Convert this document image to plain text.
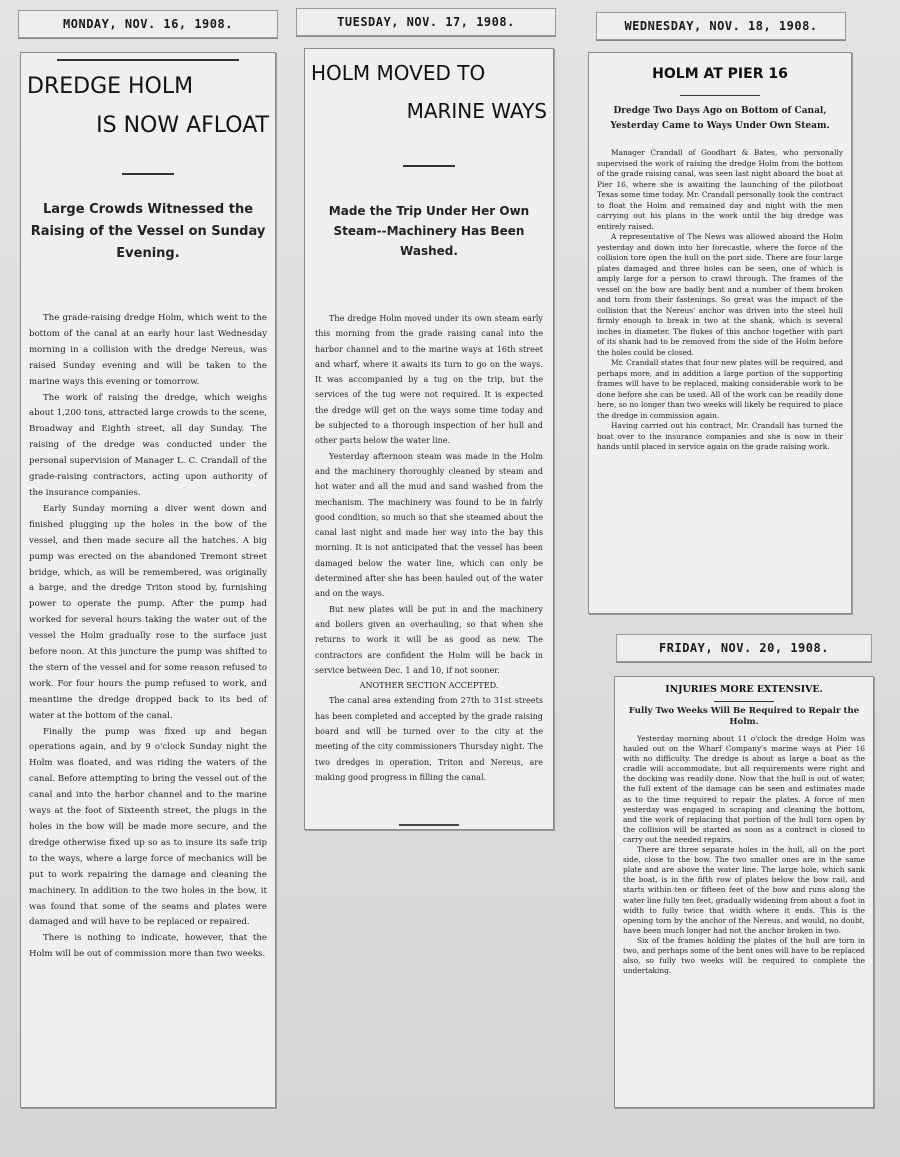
MONDAY, NOV. 16, 1908.	TUESDAY, NOV. 17, 1908.	WEDNESDAY, NOV. 18, 1908.
FRIDAY, NOV. 20, 1908.

DREDGE HOLM

IS NOW AFLOAT

Large Crowds Witnessed the Raising of the Vessel on Sunday Evening.

The grade-raising dredge Holm, which went to the bottom of the canal at an early hour last Wednesday morning in a collision with the dredge Nereus, was raised Sunday evening and will be taken to the marine ways this evening or tomorrow.

The work of raising the dredge, which weighs about 1,200 tons, attracted large crowds to the scene, Broadway and Eighth street, all day Sunday. The raising of the dredge was conducted under the personal supervision of Manager L. C. Crandall of the grade-raising contractors, acting upon authority of the insurance companies.

Early Sunday morning a diver went down and finished plugging up the holes in the bow of the vessel, and then made secure all the hatches. A big pump was erected on the abandoned Tremont street bridge, which, as will be remembered, was originally a barge, and the dredge Triton stood by, furnishing power to operate the pump. After the pump had worked for several hours taking the water out of the vessel the Holm gradually rose to the surface just before noon. At this juncture the pump was shifted to the stern of the vessel and for some reason refused to work. For four hours the pump refused to work, and meantime the dredge dropped back to its bed of water at the bottom of the canal.

Finally the pump was fixed up and began operations again, and by 9 o'clock Sunday night the Holm was floated, and was riding the waters of the canal. Before attempting to bring the vessel out of the canal and into the harbor channel and to the marine ways at the foot of Sixteenth street, the plugs in the holes in the bow will be made more secure, and the dredge otherwise fixed up so as to insure its safe trip to the ways, where a large force of mechanics will be put to work repairing the damage and cleaning the machinery. In addition to the two holes in the bow, it was found that some of the seams and plates were damaged and will have to be replaced or repaired.

There is nothing to indicate, however, that the Holm will be out of commission more than two weeks.

HOLM MOVED TO

MARINE WAYS

Made the Trip Under Her Own Steam--Machinery Has Been Washed.

The dredge Holm moved under its own steam early this morning from the grade raising canal into the harbor channel and to the marine ways at 16th street and wharf, where it awaits its turn to go on the ways. It was accompanied by a tug on the trip, but the services of the tug were not required. It is expected the dredge will get on the ways some time today and be subjected to a thorough inspection of her hull and other parts below the water line.

Yesterday afternoon steam was made in the Holm and the machinery thoroughly cleaned by steam and hot water and all the mud and sand washed from the mechanism. The machinery was found to be in fairly good condition, so much so that she steamed about the canal last night and made her way into the bay this morning. It is not anticipated that the vessel has been damaged below the water line, which can only be determined after she has been hauled out of the water and on the ways.

But new plates will be put in and the machinery and boilers given an overhauling, so that when she returns to work it will be as good as new. The contractors are confident the Holm will be back in service between Dec. 1 and 10, if not sooner.

ANOTHER SECTION ACCEPTED.

The canal area extending from 27th to 31st streets has been completed and accepted by the grade raising board and will be turned over to the city at the meeting of the city commissioners Thursday night. The two dredges in operation, Triton and Nereus, are making good progress in filling the canal.

HOLM AT PIER 16

Dredge Two Days Ago on Bottom of Canal, Yesterday Came to Ways Under Own Steam.

Manager Crandall of Goodhart & Bates, who personally supervised the work of raising the dredge Holm from the bottom of the grade raising canal, was seen last night aboard the boat at Pier 16, where she is awaiting the launching of the pilotboat Texas some time today. Mr. Crandall personally took the contract to float the Holm and remained day and night with the men carrying out his plans in the work until the big dredge was entirely raised.

A representative of The News was allowed aboard the Holm yesterday and down into her forecastle, where the force of the collision tore open the hull on the port side. There are four large plates damaged and three holes can be seen, one of which is amply large for a person to crawl through. The frames of the vessel on the bow are badly bent and a number of them broken and torn from their fastenings. So great was the impact of the collision that the Nereus' anchor was driven into the steel hull firmly enough to break in two at the shank, which is several inches in diameter. The flukes of this anchor together with part of its shank had to be removed from the side of the Holm before the holes could be closed.

Mr. Crandall states that four new plates will be required, and perhaps more, and in addition a large portion of the supporting frames will have to be replaced, making considerable work to be done before she can be used. All of the work can be readily done here, so no longer than two weeks will likely be required to place the dredge in commission again.

Having carried out his contract, Mr. Crandall has turned the boat over to the insurance companies and she is now in their hands until placed in service again on the grade raising work.

INJURIES MORE EXTENSIVE.

Fully Two Weeks Will Be Required to Repair the Holm.

Yesterday morning about 11 o'clock the dredge Holm was hauled out on the Wharf Company's marine ways at Pier 16 with no difficulty. The dredge is about as large a boat as the cradle will accommodate, but all requirements were right and the docking was readily done. Now that the hull is out of water, the full extent of the damage can be seen and estimates made as to the time required to repair the plates. A force of men yesterday was engaged in scraping and cleaning the bottom, and the work of replacing that portion of the hull torn open by the collision will be started as soon as a contract is closed to carry out the needed repairs.

There are three separate holes in the hull, all on the port side, close to the bow. The two smaller ones are in the same plate and are above the water line. The large hole, which sank the boat, is in the fifth row of plates below the bow rail, and starts within ten or fifteen feet of the bow and runs along the water line fully ten feet, gradually widening from about a foot in width to fully twice that width where it ends. This is the opening torn by the anchor of the Nereus, and would, no doubt, have been much longer had not the anchor broken in two.

Six of the frames holding the plates of the hull are torn in two, and perhaps some of the bent ones will have to be replaced also, so fully two weeks will be required to complete the undertaking.
